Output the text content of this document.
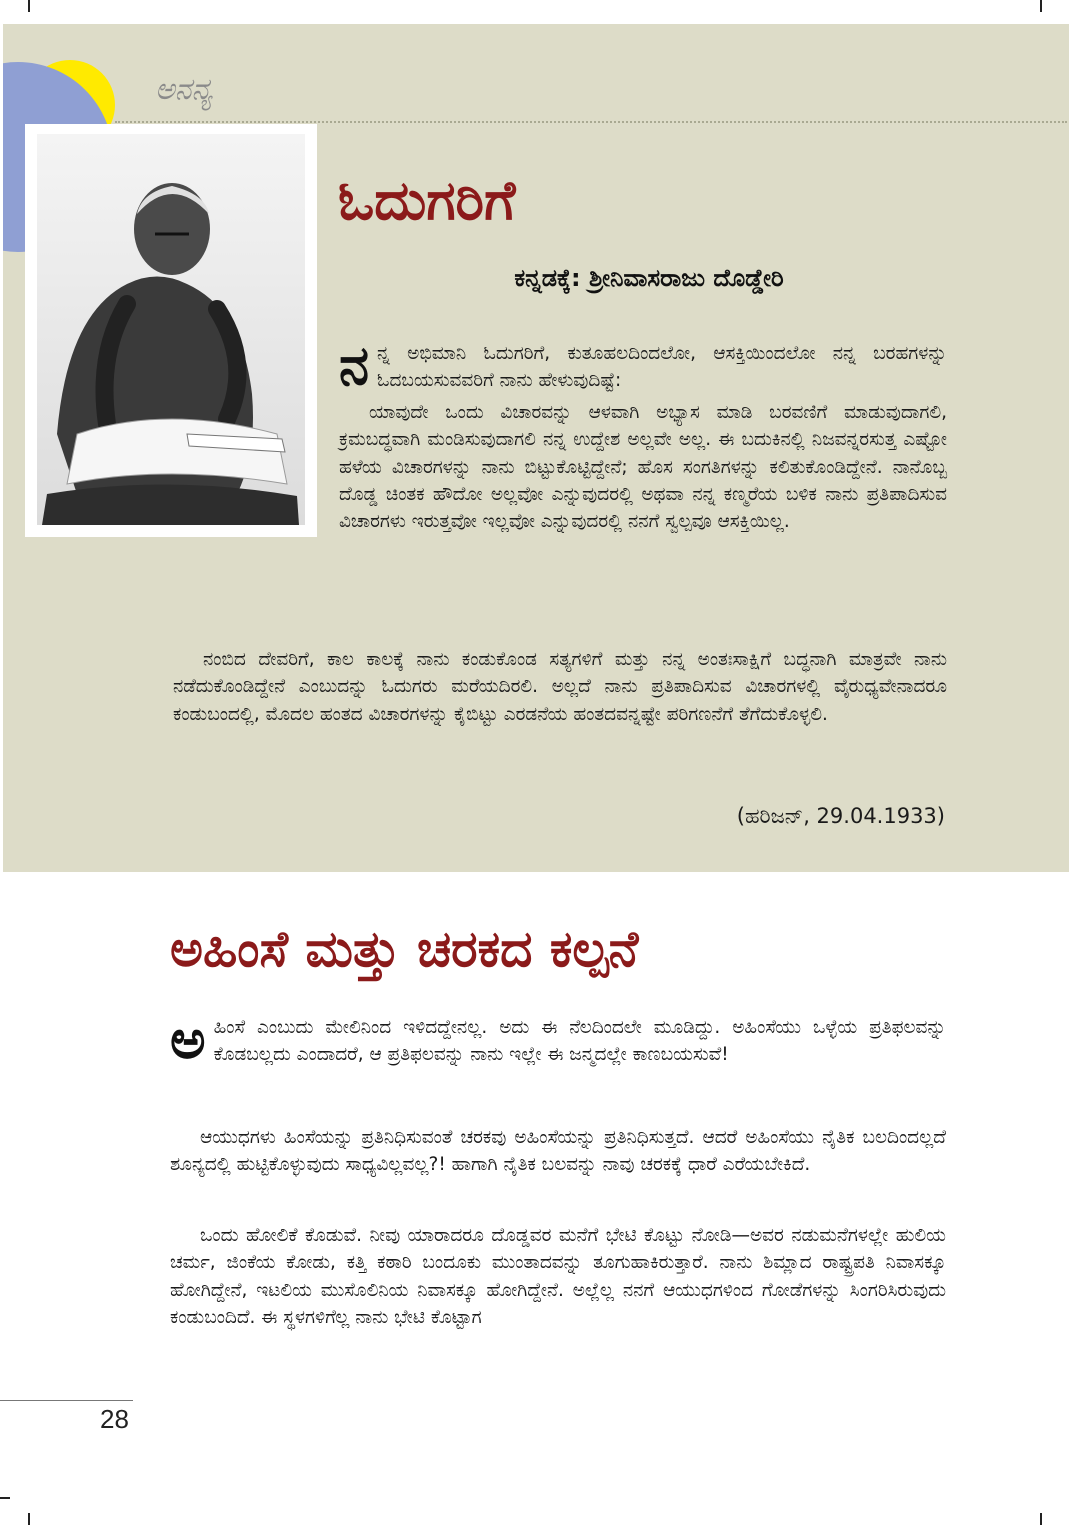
ಅನನ್ಯ
ಓದುಗರಿಗೆ
ಕನ್ನಡಕ್ಕೆ: ಶ್ರೀನಿವಾಸರಾಜು ದೊಡ್ಡೇರಿ

ನನ್ನ ಅಭಿಮಾನಿ ಓದುಗರಿಗೆ, ಕುತೂಹಲದಿಂದಲೋ, ಆಸಕ್ತಿಯಿಂದಲೋ ನನ್ನ ಬರಹಗಳನ್ನು ಓದಬಯಸುವವರಿಗೆ ನಾನು ಹೇಳುವುದಿಷ್ಟೆ:

ಯಾವುದೇ ಒಂದು ವಿಚಾರವನ್ನು ಆಳವಾಗಿ ಅಭ್ಯಾಸ ಮಾಡಿ ಬರವಣಿಗೆ ಮಾಡುವುದಾಗಲಿ, ಕ್ರಮಬದ್ಧವಾಗಿ ಮಂಡಿಸುವುದಾಗಲಿ ನನ್ನ ಉದ್ದೇಶ ಅಲ್ಲವೇ ಅಲ್ಲ. ಈ ಬದುಕಿನಲ್ಲಿ ನಿಜವನ್ನರಸುತ್ತ ಎಷ್ಟೋ ಹಳೆಯ ವಿಚಾರಗಳನ್ನು ನಾನು ಬಿಟ್ಟುಕೊಟ್ಟಿದ್ದೇನೆ; ಹೊಸ ಸಂಗತಿಗಳನ್ನು ಕಲಿತುಕೊಂಡಿದ್ದೇನೆ. ನಾನೊಬ್ಬ ದೊಡ್ಡ ಚಿಂತಕ ಹೌದೋ ಅಲ್ಲವೋ ಎನ್ನುವುದರಲ್ಲಿ ಅಥವಾ ನನ್ನ ಕಣ್ಮರೆಯ ಬಳಿಕ ನಾನು ಪ್ರತಿಪಾದಿಸುವ ವಿಚಾರಗಳು ಇರುತ್ತವೋ ಇಲ್ಲವೋ ಎನ್ನುವುದರಲ್ಲಿ ನನಗೆ ಸ್ವಲ್ಪವೂ ಆಸಕ್ತಿಯಿಲ್ಲ.

ನಂಬಿದ ದೇವರಿಗೆ, ಕಾಲ ಕಾಲಕ್ಕೆ ನಾನು ಕಂಡುಕೊಂಡ ಸತ್ಯಗಳಿಗೆ ಮತ್ತು ನನ್ನ ಅಂತಃಸಾಕ್ಷಿಗೆ ಬದ್ಧನಾಗಿ ಮಾತ್ರವೇ ನಾನು ನಡೆದುಕೊಂಡಿದ್ದೇನೆ ಎಂಬುದನ್ನು ಓದುಗರು ಮರೆಯದಿರಲಿ. ಅಲ್ಲದೆ ನಾನು ಪ್ರತಿಪಾದಿಸುವ ವಿಚಾರಗಳಲ್ಲಿ ವೈರುಧ್ಯವೇನಾದರೂ ಕಂಡುಬಂದಲ್ಲಿ, ಮೊದಲ ಹಂತದ ವಿಚಾರಗಳನ್ನು ಕೈಬಿಟ್ಟು ಎರಡನೆಯ ಹಂತದವನ್ನಷ್ಟೇ ಪರಿಗಣನೆಗೆ ತೆಗೆದುಕೊಳ್ಳಲಿ.

(ಹರಿಜನ್, 29.04.1933)
ಅಹಿಂಸೆ ಮತ್ತು ಚರಕದ ಕಲ್ಪನೆ

ಅಹಿಂಸೆ ಎಂಬುದು ಮೇಲಿನಿಂದ ಇಳಿದದ್ದೇನಲ್ಲ. ಅದು ಈ ನೆಲದಿಂದಲೇ ಮೂಡಿದ್ದು. ಅಹಿಂಸೆಯು ಒಳ್ಳೆಯ ಪ್ರತಿಫಲವನ್ನು ಕೊಡಬಲ್ಲದು ಎಂದಾದರೆ, ಆ ಪ್ರತಿಫಲವನ್ನು ನಾನು ಇಲ್ಲೇ ಈ ಜನ್ಮದಲ್ಲೇ ಕಾಣಬಯಸುವೆ!

ಆಯುಧಗಳು ಹಿಂಸೆಯನ್ನು ಪ್ರತಿನಿಧಿಸುವಂತೆ ಚರಕವು ಅಹಿಂಸೆಯನ್ನು ಪ್ರತಿನಿಧಿಸುತ್ತದೆ. ಆದರೆ ಅಹಿಂಸೆಯು ನೈತಿಕ ಬಲದಿಂದಲ್ಲದೆ ಶೂನ್ಯದಲ್ಲಿ ಹುಟ್ಟಿಕೊಳ್ಳುವುದು ಸಾಧ್ಯವಿಲ್ಲವಲ್ಲ?! ಹಾಗಾಗಿ ನೈತಿಕ ಬಲವನ್ನು ನಾವು ಚರಕಕ್ಕೆ ಧಾರೆ ಎರೆಯಬೇಕಿದೆ.

ಒಂದು ಹೋಲಿಕೆ ಕೊಡುವೆ. ನೀವು ಯಾರಾದರೂ ದೊಡ್ಡವರ ಮನೆಗೆ ಭೇಟಿ ಕೊಟ್ಟು ನೋಡಿ—ಅವರ ನಡುಮನೆಗಳಲ್ಲೇ ಹುಲಿಯ ಚರ್ಮ, ಜಿಂಕೆಯ ಕೋಡು, ಕತ್ತಿ ಕಠಾರಿ ಬಂದೂಕು ಮುಂತಾದವನ್ನು ತೂಗುಹಾಕಿರುತ್ತಾರೆ. ನಾನು ಶಿಮ್ಲಾದ ರಾಷ್ಟ್ರಪತಿ ನಿವಾಸಕ್ಕೂ ಹೋಗಿದ್ದೇನೆ, ಇಟಲಿಯ ಮುಸೊಲಿನಿಯ ನಿವಾಸಕ್ಕೂ ಹೋಗಿದ್ದೇನೆ. ಅಲ್ಲೆಲ್ಲ ನನಗೆ ಆಯುಧಗಳಿಂದ ಗೋಡೆಗಳನ್ನು ಸಿಂಗರಿಸಿರುವುದು ಕಂಡುಬಂದಿದೆ. ಈ ಸ್ಥಳಗಳಿಗೆಲ್ಲ ನಾನು ಭೇಟಿ ಕೊಟ್ಟಾಗ

28
